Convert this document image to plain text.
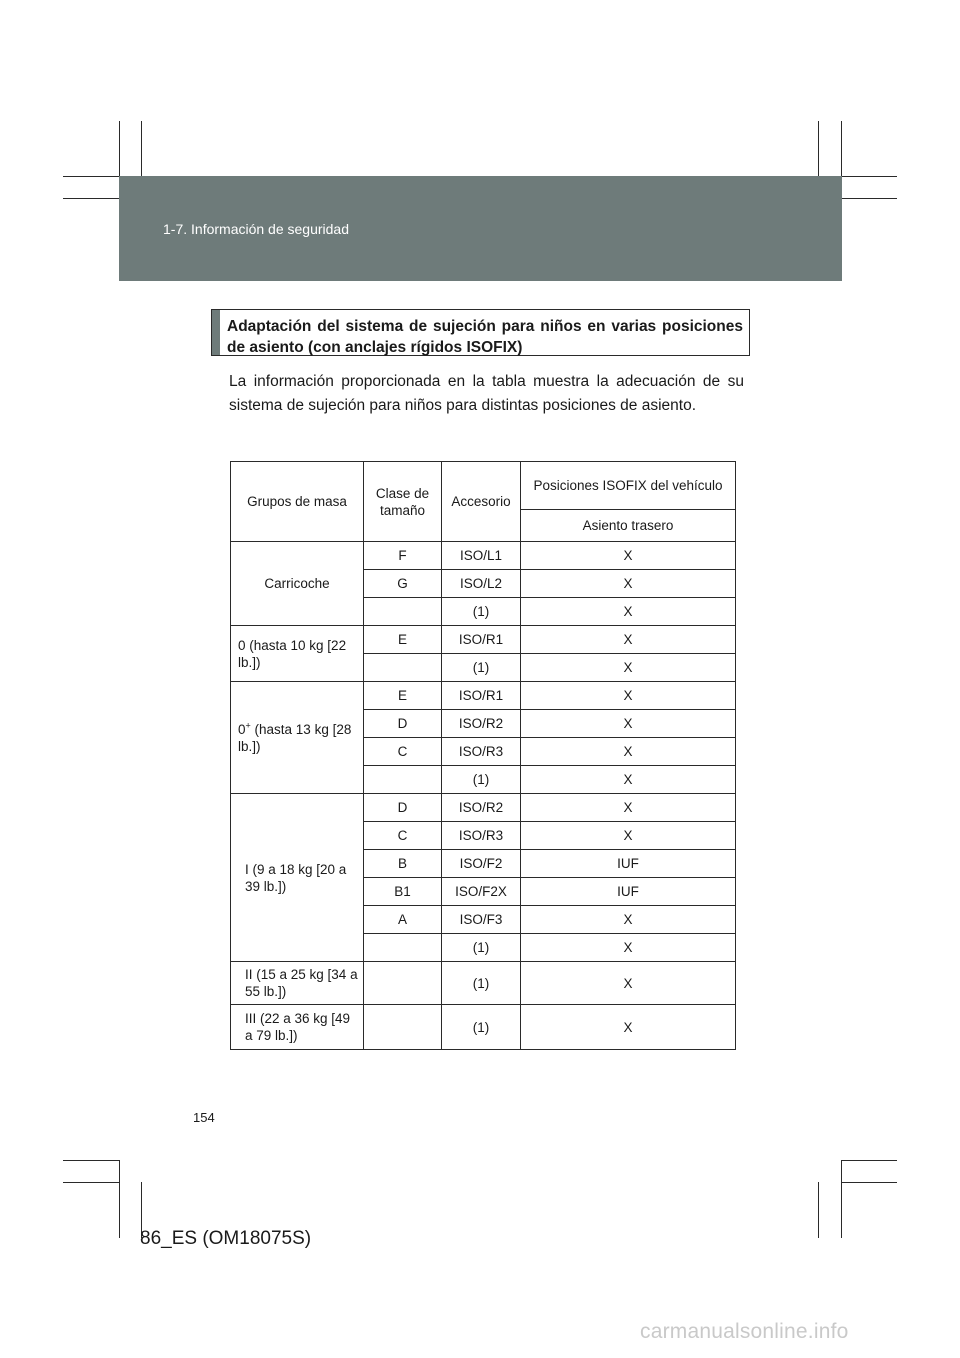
1-7. Información de seguridad
Adaptación del sistema de sujeción para niños en varias posiciones de asiento (con anclajes rígidos ISOFIX)
La información proporcionada en la tabla muestra la adecuación de su sistema de sujeción para niños para distintas posiciones de asiento.
Grupos de masa	Clase de tamaño	Accesorio	Posiciones ISOFIX del vehículo
			Asiento trasero
Carricoche	F	ISO/L1	X
	G	ISO/L2	X
		(1)	X
0 (hasta 10 kg [22 lb.])	E	ISO/R1	X
		(1)	X
0+ (hasta 13 kg [28 lb.])	E	ISO/R1	X
	D	ISO/R2	X
	C	ISO/R3	X
		(1)	X
I (9 a 18 kg [20 a 39 lb.])	D	ISO/R2	X
	C	ISO/R3	X
	B	ISO/F2	IUF
	B1	ISO/F2X	IUF
	A	ISO/F3	X
		(1)	X
II (15 a 25 kg [34 a 55 lb.])		(1)	X
III (22 a 36 kg [49 a 79 lb.])		(1)	X
154
86_ES (OM18075S)
carmanualsonline.info
